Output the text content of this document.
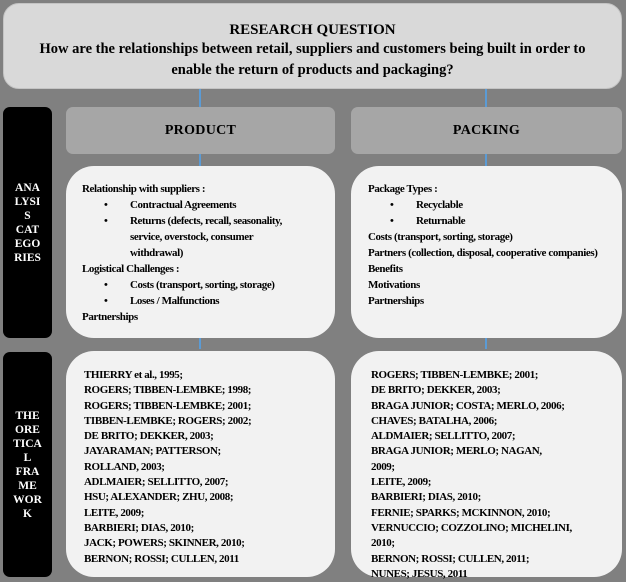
RESEARCH QUESTION
How are the relationships between retail, suppliers and customers being built in order to enable the return of products and packaging?
ANA
LYSI
S
CAT
EGO
RIES
THE
ORE
TICA
L
FRA
ME
WOR
K
PRODUCT	PACKING
Relationship with suppliers :
•	Contractual Agreements
•	Returns (defects, recall, seasonality, service, overstock, consumer withdrawal)
Logistical Challenges :
•	Costs (transport, sorting, storage)
•	Loses / Malfunctions
Partnerships
Package Types :
•	Recyclable
•	Returnable
Costs (transport, sorting, storage)
Partners (collection, disposal, cooperative companies)
Benefits
Motivations
Partnerships
THIERRY et al., 1995;
ROGERS; TIBBEN-LEMBKE; 1998;
ROGERS; TIBBEN-LEMBKE; 2001;
TIBBEN-LEMBKE; ROGERS; 2002;
DE BRITO; DEKKER, 2003;
JAYARAMAN; PATTERSON;
ROLLAND, 2003;
ADLMAIER; SELLITTO, 2007;
HSU; ALEXANDER; ZHU, 2008;
LEITE, 2009;
BARBIERI; DIAS, 2010;
JACK; POWERS; SKINNER, 2010;
BERNON; ROSSI; CULLEN, 2011
ROGERS; TIBBEN-LEMBKE; 2001;
DE BRITO; DEKKER, 2003;
BRAGA JUNIOR; COSTA; MERLO, 2006;
CHAVES; BATALHA, 2006;
ALDMAIER; SELLITTO, 2007;
BRAGA JUNIOR; MERLO; NAGAN,
2009;
LEITE, 2009;
BARBIERI; DIAS, 2010;
FERNIE; SPARKS; MCKINNON, 2010;
VERNUCCIO; COZZOLINO; MICHELINI,
2010;
BERNON; ROSSI; CULLEN, 2011;
NUNES; JESUS, 2011
